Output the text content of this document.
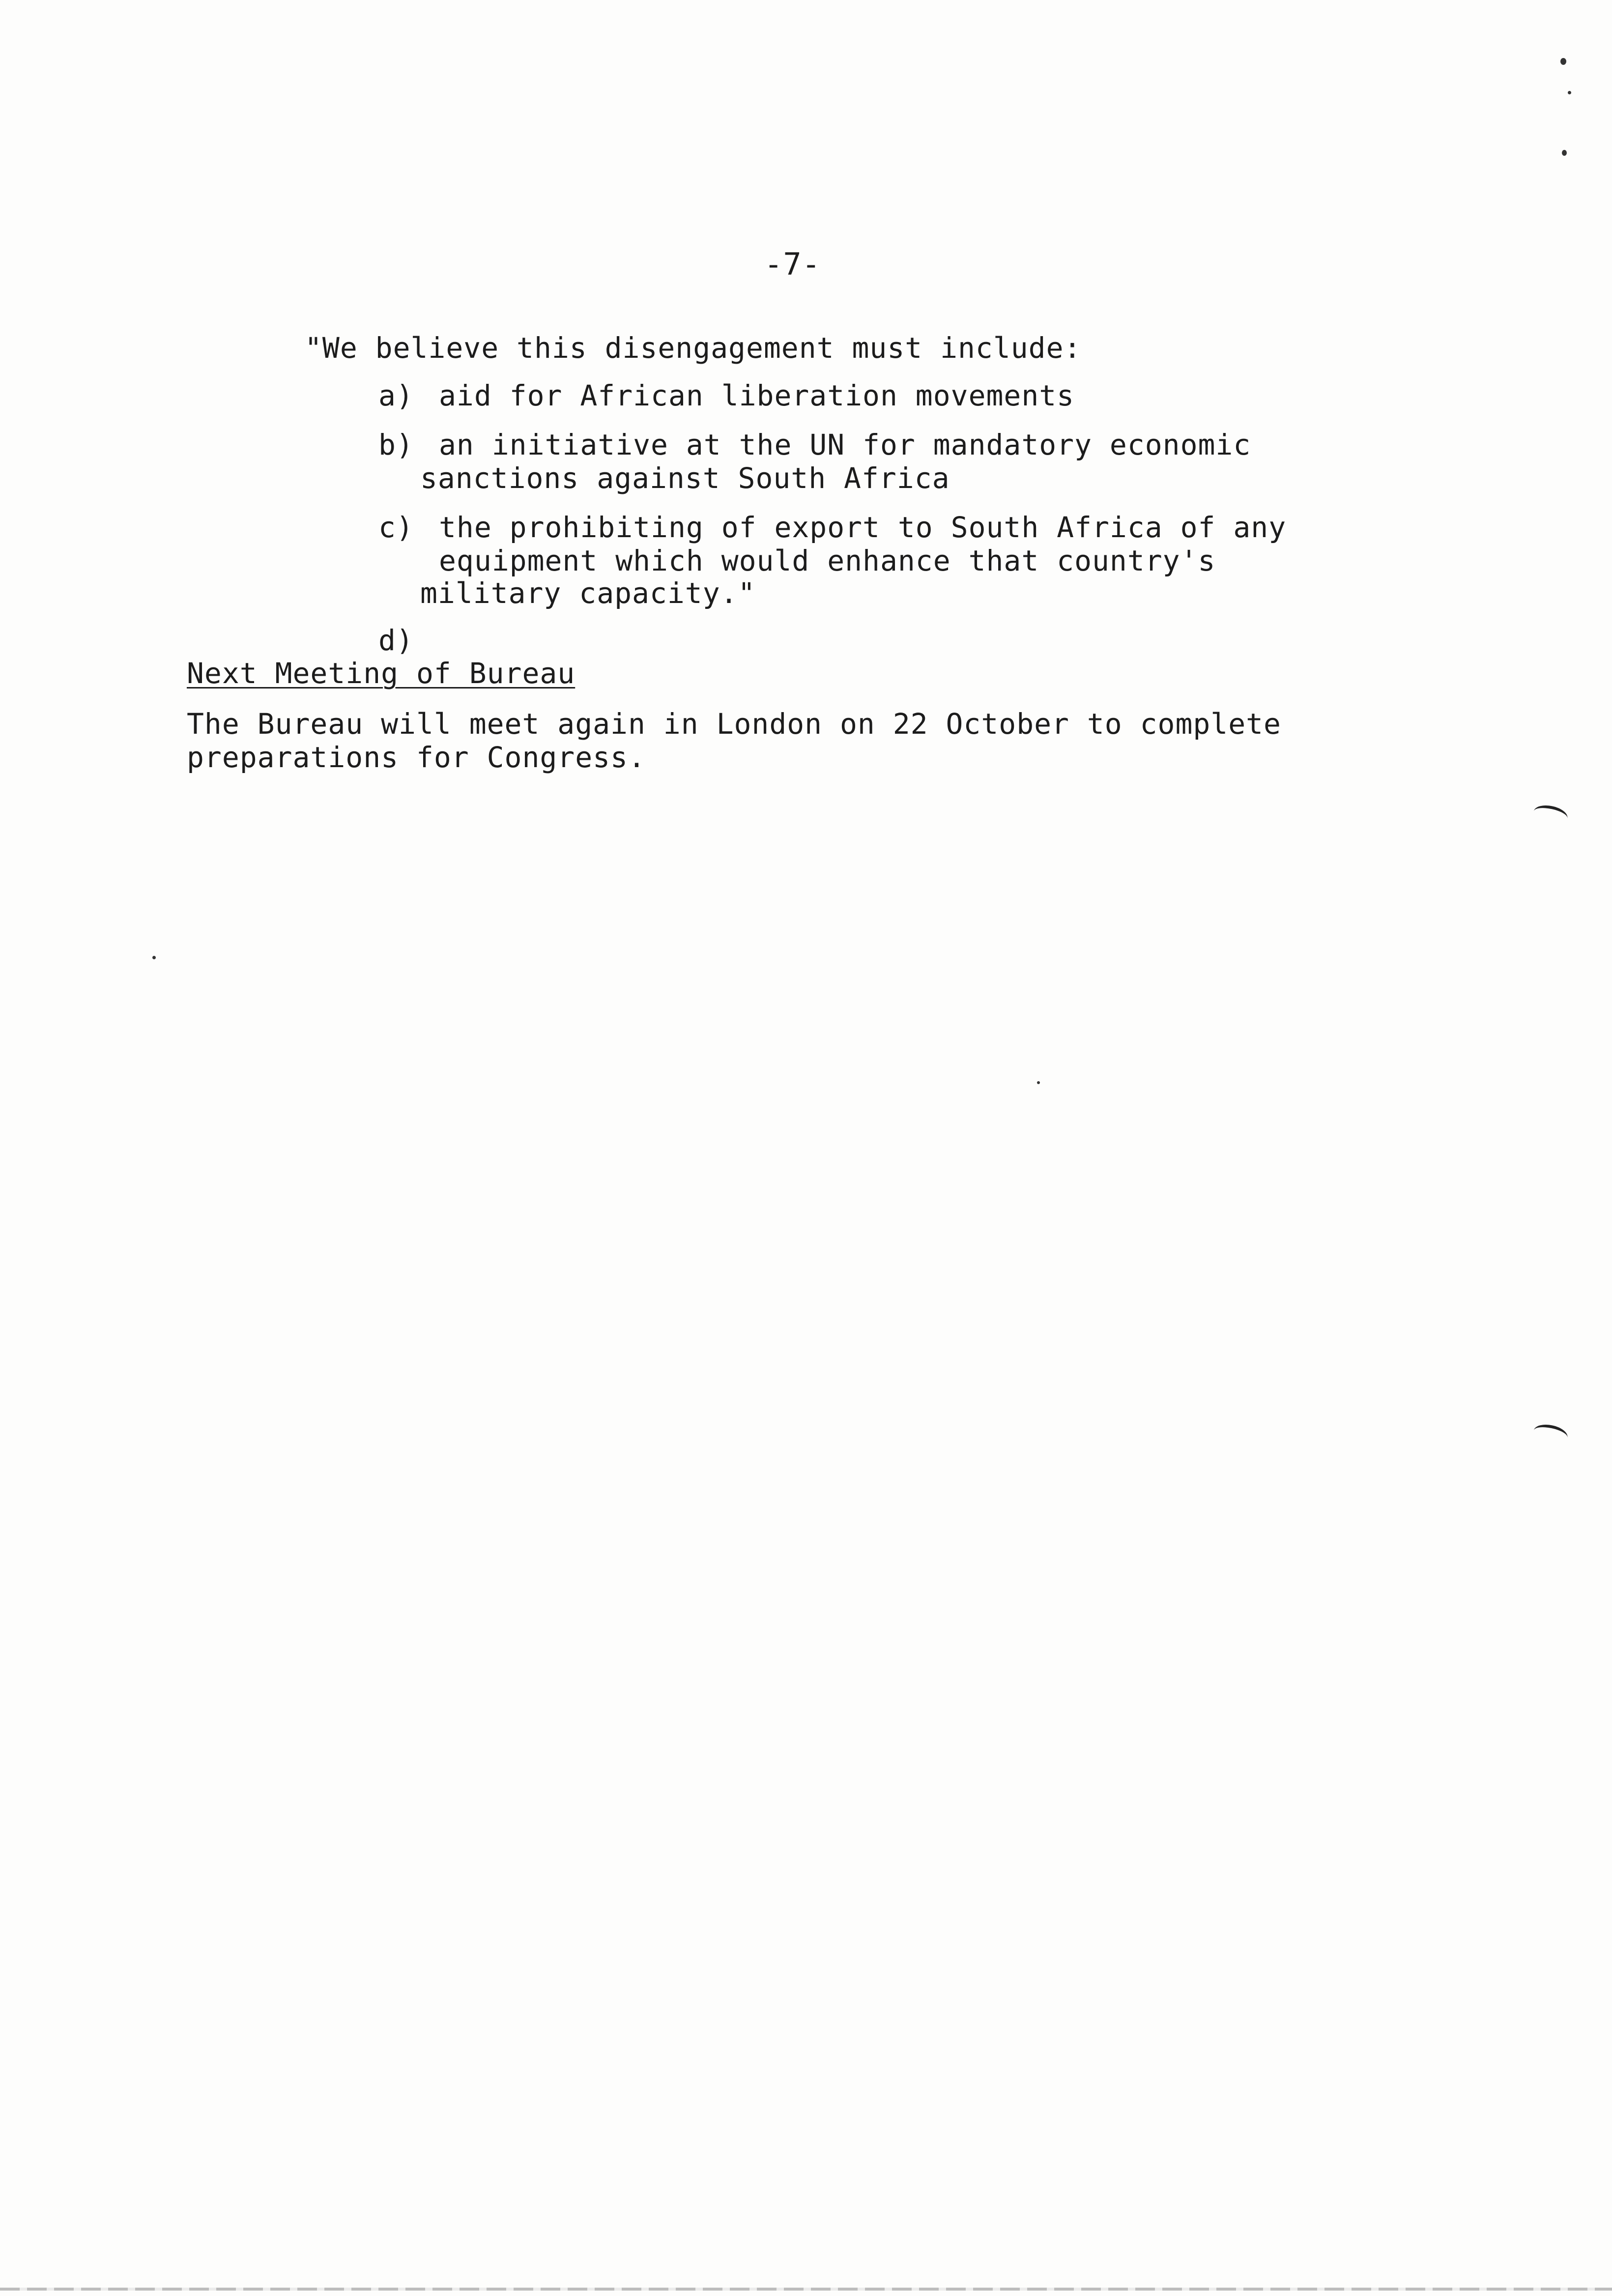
-7-
"We believe this disengagement must include:
a) aid for African liberation movements
b) an initiative at the UN for mandatory economic
sanctions against South Africa
c) the prohibiting of export to South Africa of any
equipment which would enhance that country's
military capacity."
d)
Next Meeting of Bureau
The Bureau will meet again in London on 22 October to complete
preparations for Congress.
